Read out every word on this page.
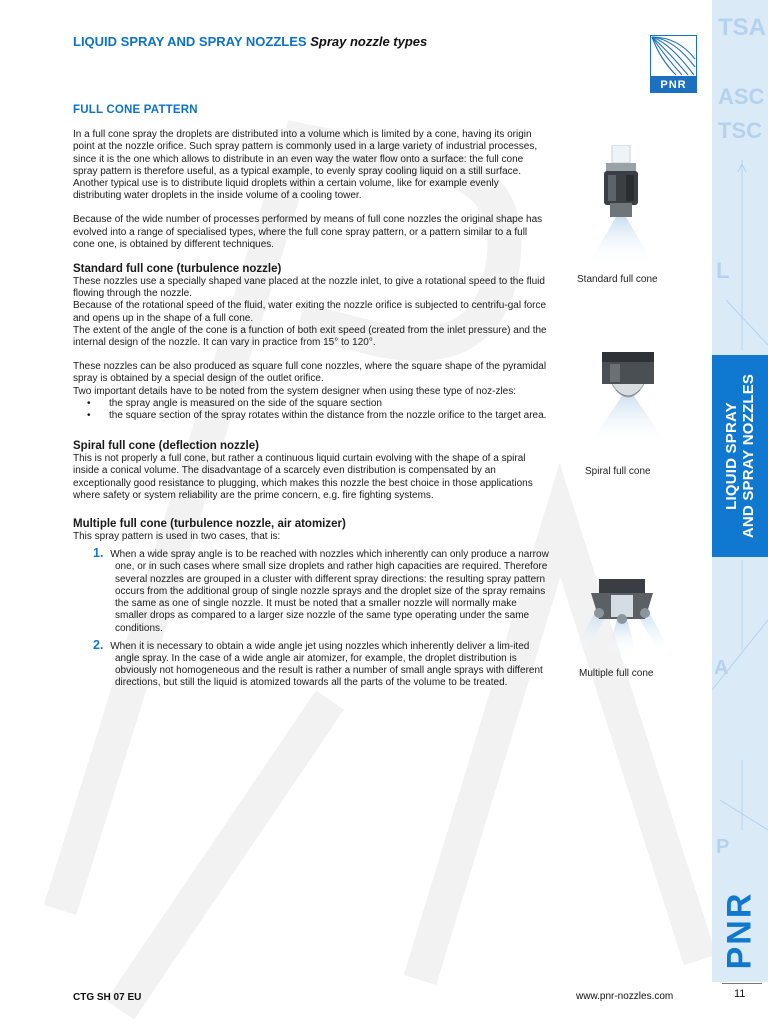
TSA
ASC
TSC
L
A
P
LIQUID SPRAY AND SPRAY NOZZLES
PNR
11
LIQUID SPRAY AND SPRAY NOZZLES Spray nozzle types
PNR
FULL CONE PATTERN
In a full cone spray the droplets are distributed into a volume which is limited by a cone, having its origin point at the nozzle orifice. Such spray pattern is commonly used in a large variety of industrial processes, since it is the one which allows to distribute in an even way the water flow onto a surface: the full cone spray pattern is therefore useful, as a typical example, to evenly spray cooling liquid on a still surface. Another typical use is to distribute liquid droplets within a certain volume, like for example evenly distributing water droplets in the inside volume of a cooling tower.
Because of the wide number of processes performed by means of full cone nozzles the original shape has evolved into a range of specialised types, where the full cone spray pattern, or a pattern similar to a full cone one, is obtained by different techniques.
Standard full cone (turbulence nozzle)
These nozzles use a specially shaped vane placed at the nozzle inlet, to give a rotational speed to the fluid flowing through the nozzle.
Because of the rotational speed of the fluid, water exiting the nozzle orifice is subjected to centrifu-gal force and opens up in the shape of a full cone.
The extent of the angle of the cone is a function of both exit speed (created from the inlet pressure) and the internal design of the nozzle. It can vary in practice from 15° to 120°.
These nozzles can be also produced as square full cone nozzles, where the square shape of the pyramidal spray is obtained by a special design of the outlet orifice.
Two important details have to be noted from the system designer when using these type of noz-zles:
• the spray angle is measured on the side of the square section
• the square section of the spray rotates within the distance from the nozzle orifice to the target area.
Spiral full cone (deflection nozzle)
This is not properly a full cone, but rather a continuous liquid curtain evolving with the shape of a spiral inside a conical volume. The disadvantage of a scarcely even distribution is compensated by an exceptionally good resistance to plugging, which makes this nozzle the best choice in those applications where safety or system reliability are the prime concern, e.g. fire fighting systems.
Multiple full cone (turbulence nozzle, air atomizer)
This spray pattern is used in two cases, that is:
1. When a wide spray angle is to be reached with nozzles which inherently can only produce a narrow one, or in such cases where small size droplets and rather high capacities are required. Therefore several nozzles are grouped in a cluster with different spray directions: the resulting spray pattern occurs from the additional group of single nozzle sprays and the droplet size of the spray remains the same as one of single nozzle. It must be noted that a smaller nozzle will normally make smaller drops as compared to a larger size nozzle of the same type operating under the same conditions.
2. When it is necessary to obtain a wide angle jet using nozzles which inherently deliver a lim-ited angle spray. In the case of a wide angle air atomizer, for example, the droplet distribution is obviously not homogeneous and the result is rather a number of small angle sprays with different directions, but still the liquid is atomized towards all the parts of the volume to be treated.
Standard full cone
Spiral full cone
Multiple full cone
CTG SH 07 EU	www.pnr-nozzles.com
